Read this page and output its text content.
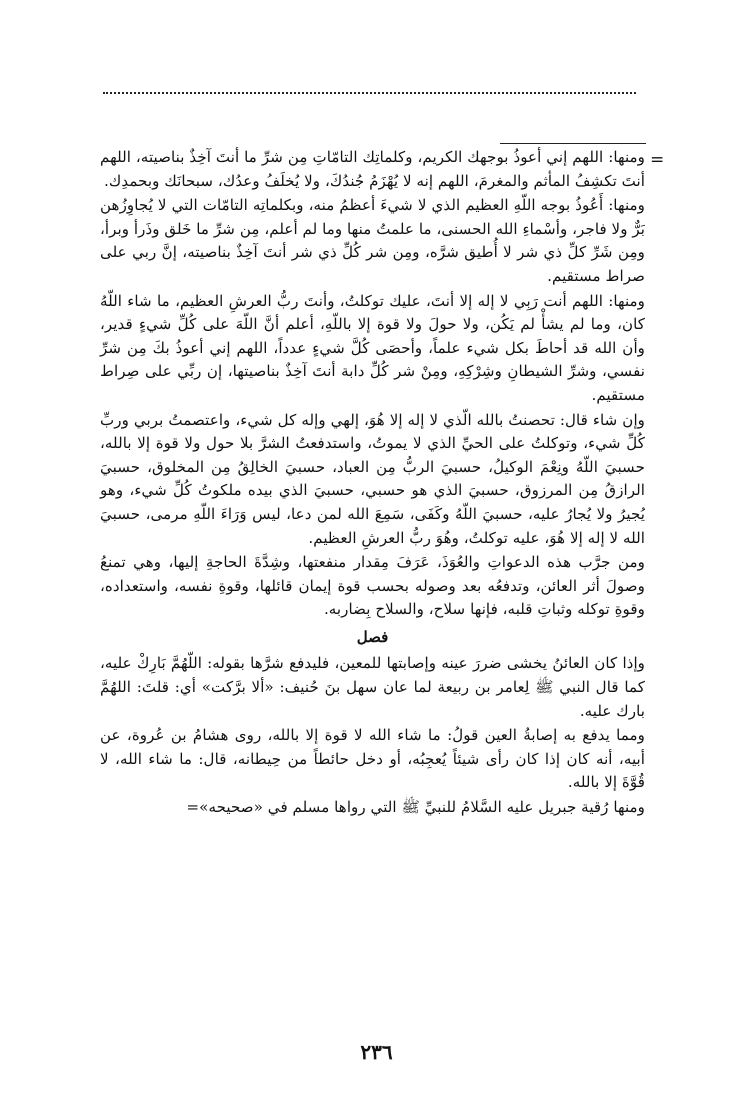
=

ومنها: اللهم إني أعوذُ بوجهك الكريم، وكلماتِك التامّاتِ مِن شرِّ ما أنتَ آخِذٌ بناصيته، اللهم أنتَ تكشِفُ المأثم والمغرمَ، اللهم إنه لا يُهْزَمُ جُندُكَ، ولا يُخلَفُ وعدُك، سبحانَك وبحمدِك.

ومنها: أَعُوذُ بوجه اللّهِ العظيم الذي لا شيءَ أعظمُ منه، وبكلماتِه التامّات التي لا يُجاوِزُهن بَرٌّ ولا فاجر، وأسْماءِ الله الحسنى، ما علمتُ منها وما لم أعلم، مِن شرِّ ما خَلق وذَرأ وبرأ، ومِن شَرِّ كلِّ ذي شر لا أُطيق شرَّه، ومِن شر كُلِّ ذي شر أنتَ آخِذٌ بناصيته، إنَّ ربي على صراط مستقيم.

ومنها: اللهم أنت رَبِي لا إله إلا أنتَ، عليك توكلتُ، وأنتَ ربُّ العرشِ العظيم، ما شاء اللّهُ كان، وما لم يشأْ لم يَكُن، ولا حولَ ولا قوة إلا باللّهِ، أعلم أنَّ اللّهَ على كُلِّ شيءٍ قدير، وأن الله قد أحاطَ بكل شيء علماً، وأحصَى كُلَّ شيءٍ عدداً، اللهم إني أعوذُ بكَ مِن شرِّ نفسي، وشرِّ الشيطانِ وشِرْكِهِ، ومِنْ شر كُلِّ دابة أنتَ آخِذٌ بناصيتها، إن ربِّي على صِراط مستقيم.

وإن شاء قال: تحصنتُ بالله الّذي لا إله إلا هُوَ، إلهي وإله كل شيء، واعتصمتُ بربي وربِّ كُلِّ شيء، وتوكلتُ على الحيِّ الذي لا يموتُ، واستدفعتُ الشرَّ بلا حول ولا قوة إلا بالله، حسبيَ اللّهُ ونِعْمَ الوكيلُ، حسبيَ الربُّ مِن العباد، حسبيَ الخالِقُ مِن المخلوق، حسبيَ الرازقُ مِن المرزوق، حسبيَ الذي هو حسبي، حسبيَ الذي بيده ملكوتُ كُلِّ شيء، وهو يُجيرُ ولا يُجارُ عليه، حسبيَ اللّهُ وكَفَى، سَمِعَ الله لمن دعا، ليس وَرَاءَ اللّهِ مرمى، حسبيَ الله لا إله إلا هُوَ، عليه توكلتُ، وهُوَ ربُّ العرشِ العظيم.

ومن جرَّب هذه الدعواتِ والعُوَذَ، عَرَفَ مِقدار منفعتها، وشِدَّةَ الحاجةِ إليها، وهي تمنعُ وصولَ أثر العائن، وتدفعُه بعد وصوله بحسب قوة إيمان قائلها، وقوةِ نفسه، واستعداده، وقوةِ توكله وثباتِ قلبه، فإنها سلاح، والسلاح بِضاربه.

فصل

وإذا كان العائنُ يخشى ضررَ عينه وإصابتها للمعين، فليدفع شرَّها بقوله: اللّهُمَّ بَارِكْ عليه، كما قال النبي ﷺ لِعامر بن ربيعة لما عان سهل بنَ حُنيف: «ألا برَّكت» أي: قلتَ: اللهُمَّ بارك عليه.

ومما يدفع به إصابةُ العين قولُ: ما شاء الله لا قوة إلا بالله، روى هشامُ بن عُروة، عن أبيه، أنه كان إذا كان رأى شيئاً يُعجِبُه، أو دخل حائطاً من حِيطانه، قال: ما شاء الله، لا قُوَّةَ إلا بالله.

ومنها رُقية جبريل عليه السَّلامُ للنبيِّ ﷺ التي رواها مسلم في «صحيحه»=

٢٣٦
